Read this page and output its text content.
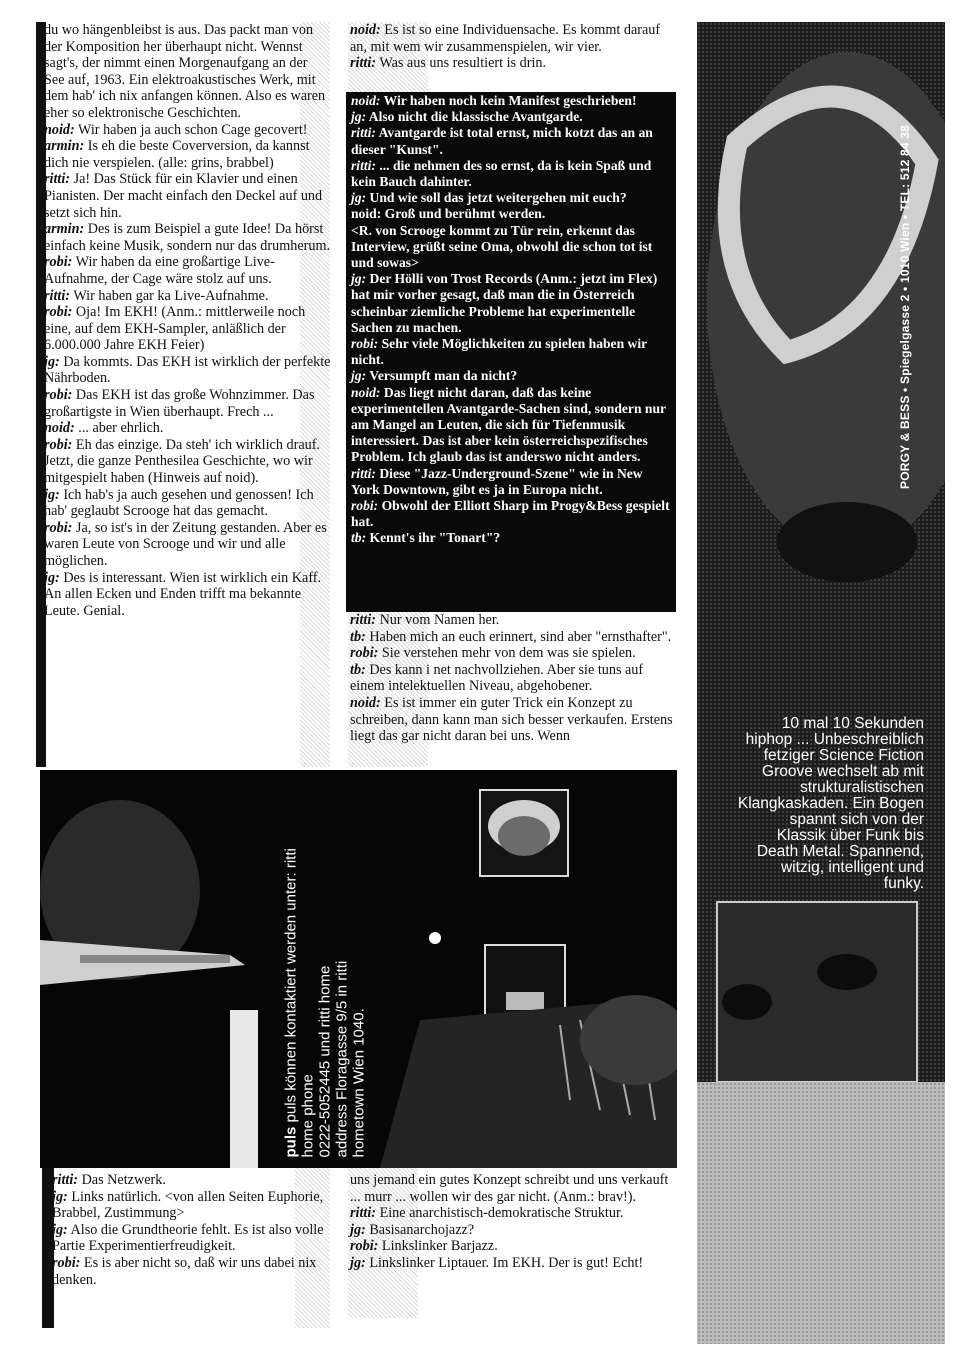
du wo hängenbleibst is aus. Das packt man von der Komposition her überhaupt nicht. Wennst sagt's, der nimmt einen Morgenaufgang an der See auf, 1963. Ein elektroakustisches Werk, mit dem hab' ich nix anfangen können. Also es waren eher so elektronische Geschichten.

noid: Wir haben ja auch schon Cage gecovert!

armin: Is eh die beste Coverversion, da kannst dich nie verspielen. (alle: grins, brabbel)

ritti: Ja! Das Stück für ein Klavier und einen Pianisten. Der macht einfach den Deckel auf und setzt sich hin.

armin: Des is zum Beispiel a gute Idee! Da hörst einfach keine Musik, sondern nur das drumherum.

robi: Wir haben da eine großartige Live-Aufnahme, der Cage wäre stolz auf uns.

ritti: Wir haben gar ka Live-Aufnahme.

robi: Oja! Im EKH! (Anm.: mittlerweile noch eine, auf dem EKH-Sampler, anläßlich der 6.000.000 Jahre EKH Feier)

jg: Da kommts. Das EKH ist wirklich der perfekte Nährboden.

robi: Das EKH ist das große Wohnzimmer. Das großartigste in Wien überhaupt. Frech ...

noid: ... aber ehrlich.

robi: Eh das einzige. Da steh' ich wirklich drauf. Jetzt, die ganze Penthesilea Geschichte, wo wir mitgespielt haben (Hinweis auf noid).

jg: Ich hab's ja auch gesehen und genossen! Ich hab' geglaubt Scrooge hat das gemacht.

robi: Ja, so ist's in der Zeitung gestanden. Aber es waren Leute von Scrooge und wir und alle möglichen.

jg: Des is interessant. Wien ist wirklich ein Kaff. An allen Ecken und Enden trifft ma bekannte Leute. Genial.

noid: Es ist so eine Individuensache. Es kommt darauf an, mit wem wir zusammenspielen, wir vier.

ritti: Was aus uns resultiert is drin.

noid: Wir haben noch kein Manifest geschrieben!

jg: Also nicht die klassische Avantgarde.

ritti: Avantgarde ist total ernst, mich kotzt das an an dieser "Kunst".

ritti: ... die nehmen des so ernst, da is kein Spaß und kein Bauch dahinter.

jg: Und wie soll das jetzt weitergehen mit euch?

noid: Groß und berühmt werden.

<R. von Scrooge kommt zu Tür rein, erkennt das Interview, grüßt seine Oma, obwohl die schon tot ist und sowas>

jg: Der Hölli von Trost Records (Anm.: jetzt im Flex) hat mir vorher gesagt, daß man die in Österreich scheinbar ziemliche Probleme hat experimentelle Sachen zu machen.

robi: Sehr viele Möglichkeiten zu spielen haben wir nicht.

jg: Versumpft man da nicht?

noid: Das liegt nicht daran, daß das keine experimentellen Avantgarde-Sachen sind, sondern nur am Mangel an Leuten, die sich für Tiefenmusik interessiert. Das ist aber kein österreichspezifisches Problem. Ich glaub das ist anderswo nicht anders.

ritti: Diese "Jazz-Underground-Szene" wie in New York Downtown, gibt es ja in Europa nicht.

robi: Obwohl der Elliott Sharp im Progy&Bess gespielt hat.

tb: Kennt's ihr "Tonart"?

ritti: Nur vom Namen her.

tb: Haben mich an euch erinnert, sind aber "ernsthafter".

robi: Sie verstehen mehr von dem was sie spielen.

tb: Des kann i net nachvollziehen. Aber sie tuns auf einem intelektuellen Niveau, abgehobener.

noid: Es ist immer ein guter Trick ein Konzept zu schreiben, dann kann man sich besser verkaufen. Erstens liegt das gar nicht daran bei uns. Wenn

puls puls können kontaktiert werden unter: ritti home phone 0222-5052445 und ritti home address Floragasse 9/5 in ritti hometown Wien 1040.
PORGY & BESS • Spiegelgasse 2 • 1010 Wien • TEL: 512 84 38

10 mal 10 Sekunden

hiphop ... Unbeschreiblich

fetziger Science Fiction

Groove wechselt ab mit

strukturalistischen

Klangkaskaden. Ein Bogen

spannt sich von der

Klassik über Funk bis

Death Metal. Spannend,

witzig, intelligent und

funky.

ritti: Das Netzwerk.

jg: Links natürlich. <von allen Seiten Euphorie, Brabbel, Zustimmung>

jg: Also die Grundtheorie fehlt. Es ist also volle Partie Experimentierfreudigkeit.

robi: Es is aber nicht so, daß wir uns dabei nix denken.

uns jemand ein gutes Konzept schreibt und uns verkauft ... murr ... wollen wir des gar nicht. (Anm.: brav!).

ritti: Eine anarchistisch-demokratische Struktur.

jg: Basisanarchojazz?

robi: Linkslinker Barjazz.

jg: Linkslinker Liptauer. Im EKH. Der is gut! Echt!
